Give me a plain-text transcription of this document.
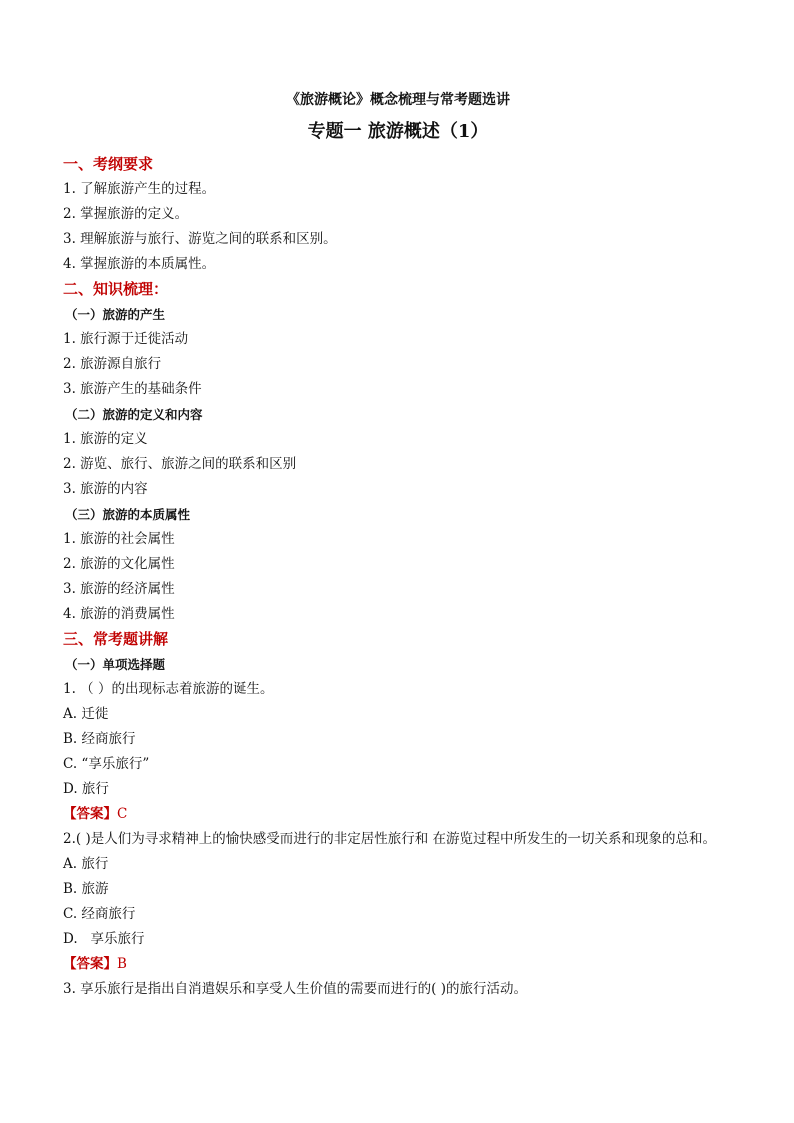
《旅游概论》概念梳理与常考题选讲
专题一 旅游概述（1）
一、考纲要求
1. 了解旅游产生的过程。
2. 掌握旅游的定义。
3. 理解旅游与旅行、游览之间的联系和区别。
4. 掌握旅游的本质属性。
二、知识梳理：
（一）旅游的产生
1. 旅行源于迁徙活动
2. 旅游源自旅行
3. 旅游产生的基础条件
（二）旅游的定义和内容
1. 旅游的定义
2. 游览、旅行、旅游之间的联系和区别
3. 旅游的内容
（三）旅游的本质属性
1. 旅游的社会属性
2. 旅游的文化属性
3. 旅游的经济属性
4. 旅游的消费属性
三、常考题讲解
（一）单项选择题
1. （ ）的出现标志着旅游的诞生。
A. 迁徙
B. 经商旅行
C. “享乐旅行”
D. 旅行
【答案】C
2.( )是人们为寻求精神上的愉快感受而进行的非定居性旅行和 在游览过程中所发生的一切关系和现象的总和。
A. 旅行
B. 旅游
C. 经商旅行
D.   享乐旅行
【答案】B
3. 享乐旅行是指出自消遣娱乐和享受人生价值的需要而进行的( )的旅行活动。
